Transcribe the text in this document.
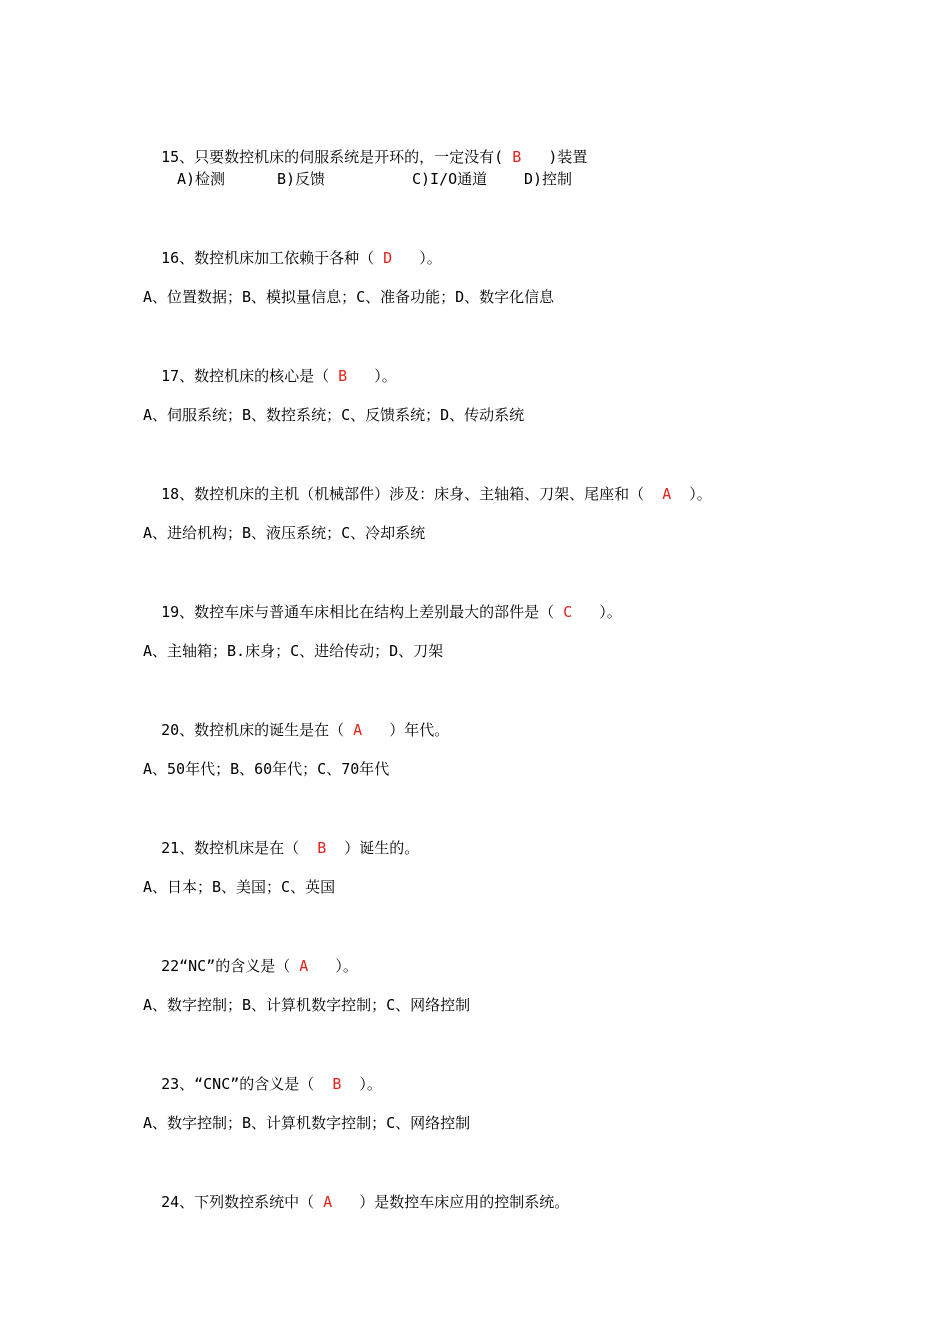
15、只要数控机床的伺服系统是开环的，一定没有( B   )装置

A)检测

	B)反馈

	C)I/O通道

D)控制

16、数控机床加工依赖于各种（ D   ）。

A、位置数据；B、模拟量信息；C、准备功能；D、数字化信息

17、数控机床的核心是（ B   ）。

A、伺服系统；B、数控系统；C、反馈系统；D、传动系统

18、数控机床的主机（机械部件）涉及：床身、主轴箱、刀架、尾座和（  A  ）。

A、进给机构；B、液压系统；C、冷却系统

19、数控车床与普通车床相比在结构上差别最大的部件是（ C   ）。

A、主轴箱；B.床身；C、进给传动；D、刀架

20、数控机床的诞生是在（ A   ）年代。

A、50年代；B、60年代；C、70年代

21、数控机床是在（  B  ）诞生的。

A、日本；B、美国；C、英国

22“NC”的含义是（ A   ）。

A、数字控制；B、计算机数字控制；C、网络控制

23、“CNC”的含义是（  B  ）。

A、数字控制；B、计算机数字控制；C、网络控制

24、下列数控系统中（ A   ）是数控车床应用的控制系统。
